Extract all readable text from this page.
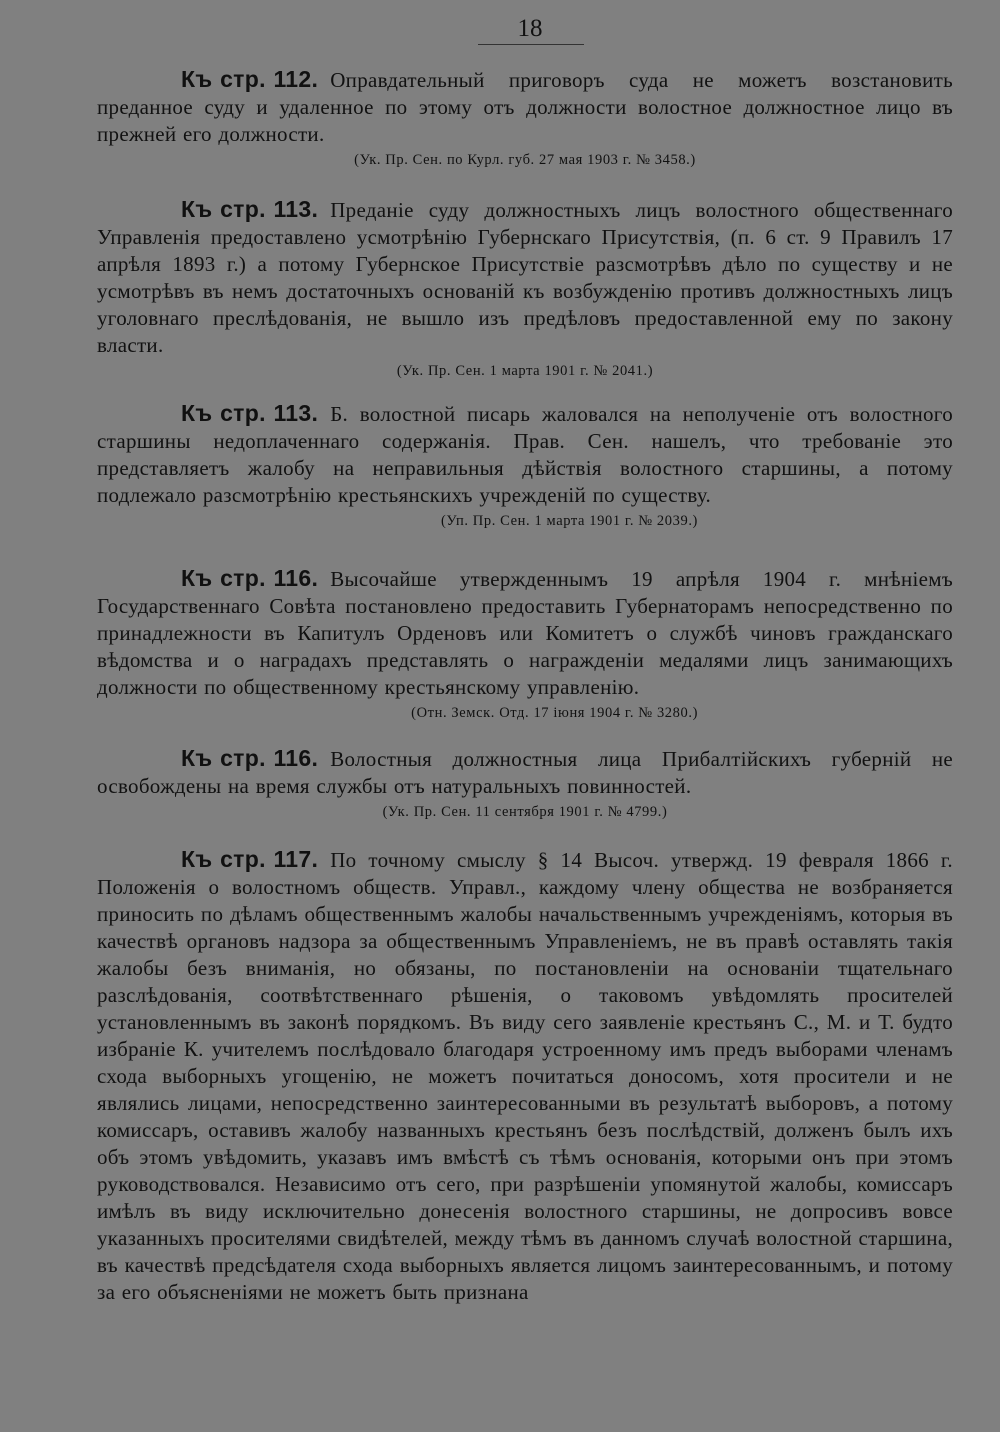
18

Къ стр. 112. Оправдательный приговоръ суда не можетъ возстановить преданное суду и удаленное по этому отъ должности волостное должностное лицо въ прежней его должности.

(Ук. Пр. Сен. по Курл. губ. 27 мая 1903 г. № 3458.)

Къ стр. 113. Преданіе суду должностныхъ лицъ волостного общественнаго Управленія предоставлено усмотрѣнію Губернскаго Присутствія, (п. 6 ст. 9 Правилъ 17 апрѣля 1893 г.) а потому Губернское Присутствіе разсмотрѣвъ дѣло по существу и не усмотрѣвъ въ немъ достаточныхъ основаній къ возбужденію противъ должностныхъ лицъ уголовнаго преслѣдованія, не вышло изъ предѣловъ предоставленной ему по закону власти.

(Ук. Пр. Сен. 1 марта 1901 г. № 2041.)

Къ стр. 113. Б. волостной писарь жаловался на неполученіе отъ волостного старшины недоплаченнаго содержанія. Прав. Сен. нашелъ, что требованіе это представляетъ жалобу на неправильныя дѣйствія волостного старшины, а потому подлежало разсмотрѣнію крестьянскихъ учрежденій по существу.

(Уп. Пр. Сен. 1 марта 1901 г. № 2039.)

Къ стр. 116. Высочайше утвержденнымъ 19 апрѣля 1904 г. мнѣніемъ Государственнаго Совѣта постановлено предоставить Губернаторамъ непосредственно по принадлежности въ Капитулъ Орденовъ или Комитетъ о службѣ чиновъ гражданскаго вѣдомства и о наградахъ представлять о награжденіи медалями лицъ занимающихъ должности по общественному крестьянскому управленію.

(Отн. Земск. Отд. 17 іюня 1904 г. № 3280.)

Къ стр. 116. Волостныя должностныя лица Прибалтійскихъ губерній не освобождены на время службы отъ натуральныхъ повинностей.

(Ук. Пр. Сен. 11 сентября 1901 г. № 4799.)

Къ стр. 117. По точному смыслу § 14 Высоч. утвержд. 19 февраля 1866 г. Положенія о волостномъ обществ. Управл., каждому члену общества не возбраняется приносить по дѣламъ общественнымъ жалобы начальственнымъ учрежденіямъ, которыя въ качествѣ органовъ надзора за общественнымъ Управленіемъ, не въ правѣ оставлять такія жалобы безъ вниманія, но обязаны, по постановленіи на основаніи тщательнаго разслѣдованія, соотвѣтственнаго рѣшенія, о таковомъ увѣдомлять просителей установленнымъ въ законѣ порядкомъ. Въ виду сего заявленіе крестьянъ С., М. и Т. будто избраніе К. учителемъ послѣдовало благодаря устроенному имъ предъ выборами членамъ схода выборныхъ угощенію, не можетъ почитаться доносомъ, хотя просители и не являлись лицами, непосредственно заинтересованными въ результатѣ выборовъ, а потому комиссаръ, оставивъ жалобу названныхъ крестьянъ безъ послѣдствій, долженъ былъ ихъ объ этомъ увѣдомить, указавъ имъ вмѣстѣ съ тѣмъ основанія, которыми онъ при этомъ руководствовался. Независимо отъ сего, при разрѣшеніи упомянутой жалобы, комиссаръ имѣлъ въ виду исключительно донесенія волостного старшины, не допросивъ вовсе указанныхъ просителями свидѣтелей, между тѣмъ въ данномъ случаѣ волостной старшина, въ качествѣ предсѣдателя схода выборныхъ является лицомъ заинтересованнымъ, и потому за его объясненіями не можетъ быть признана
